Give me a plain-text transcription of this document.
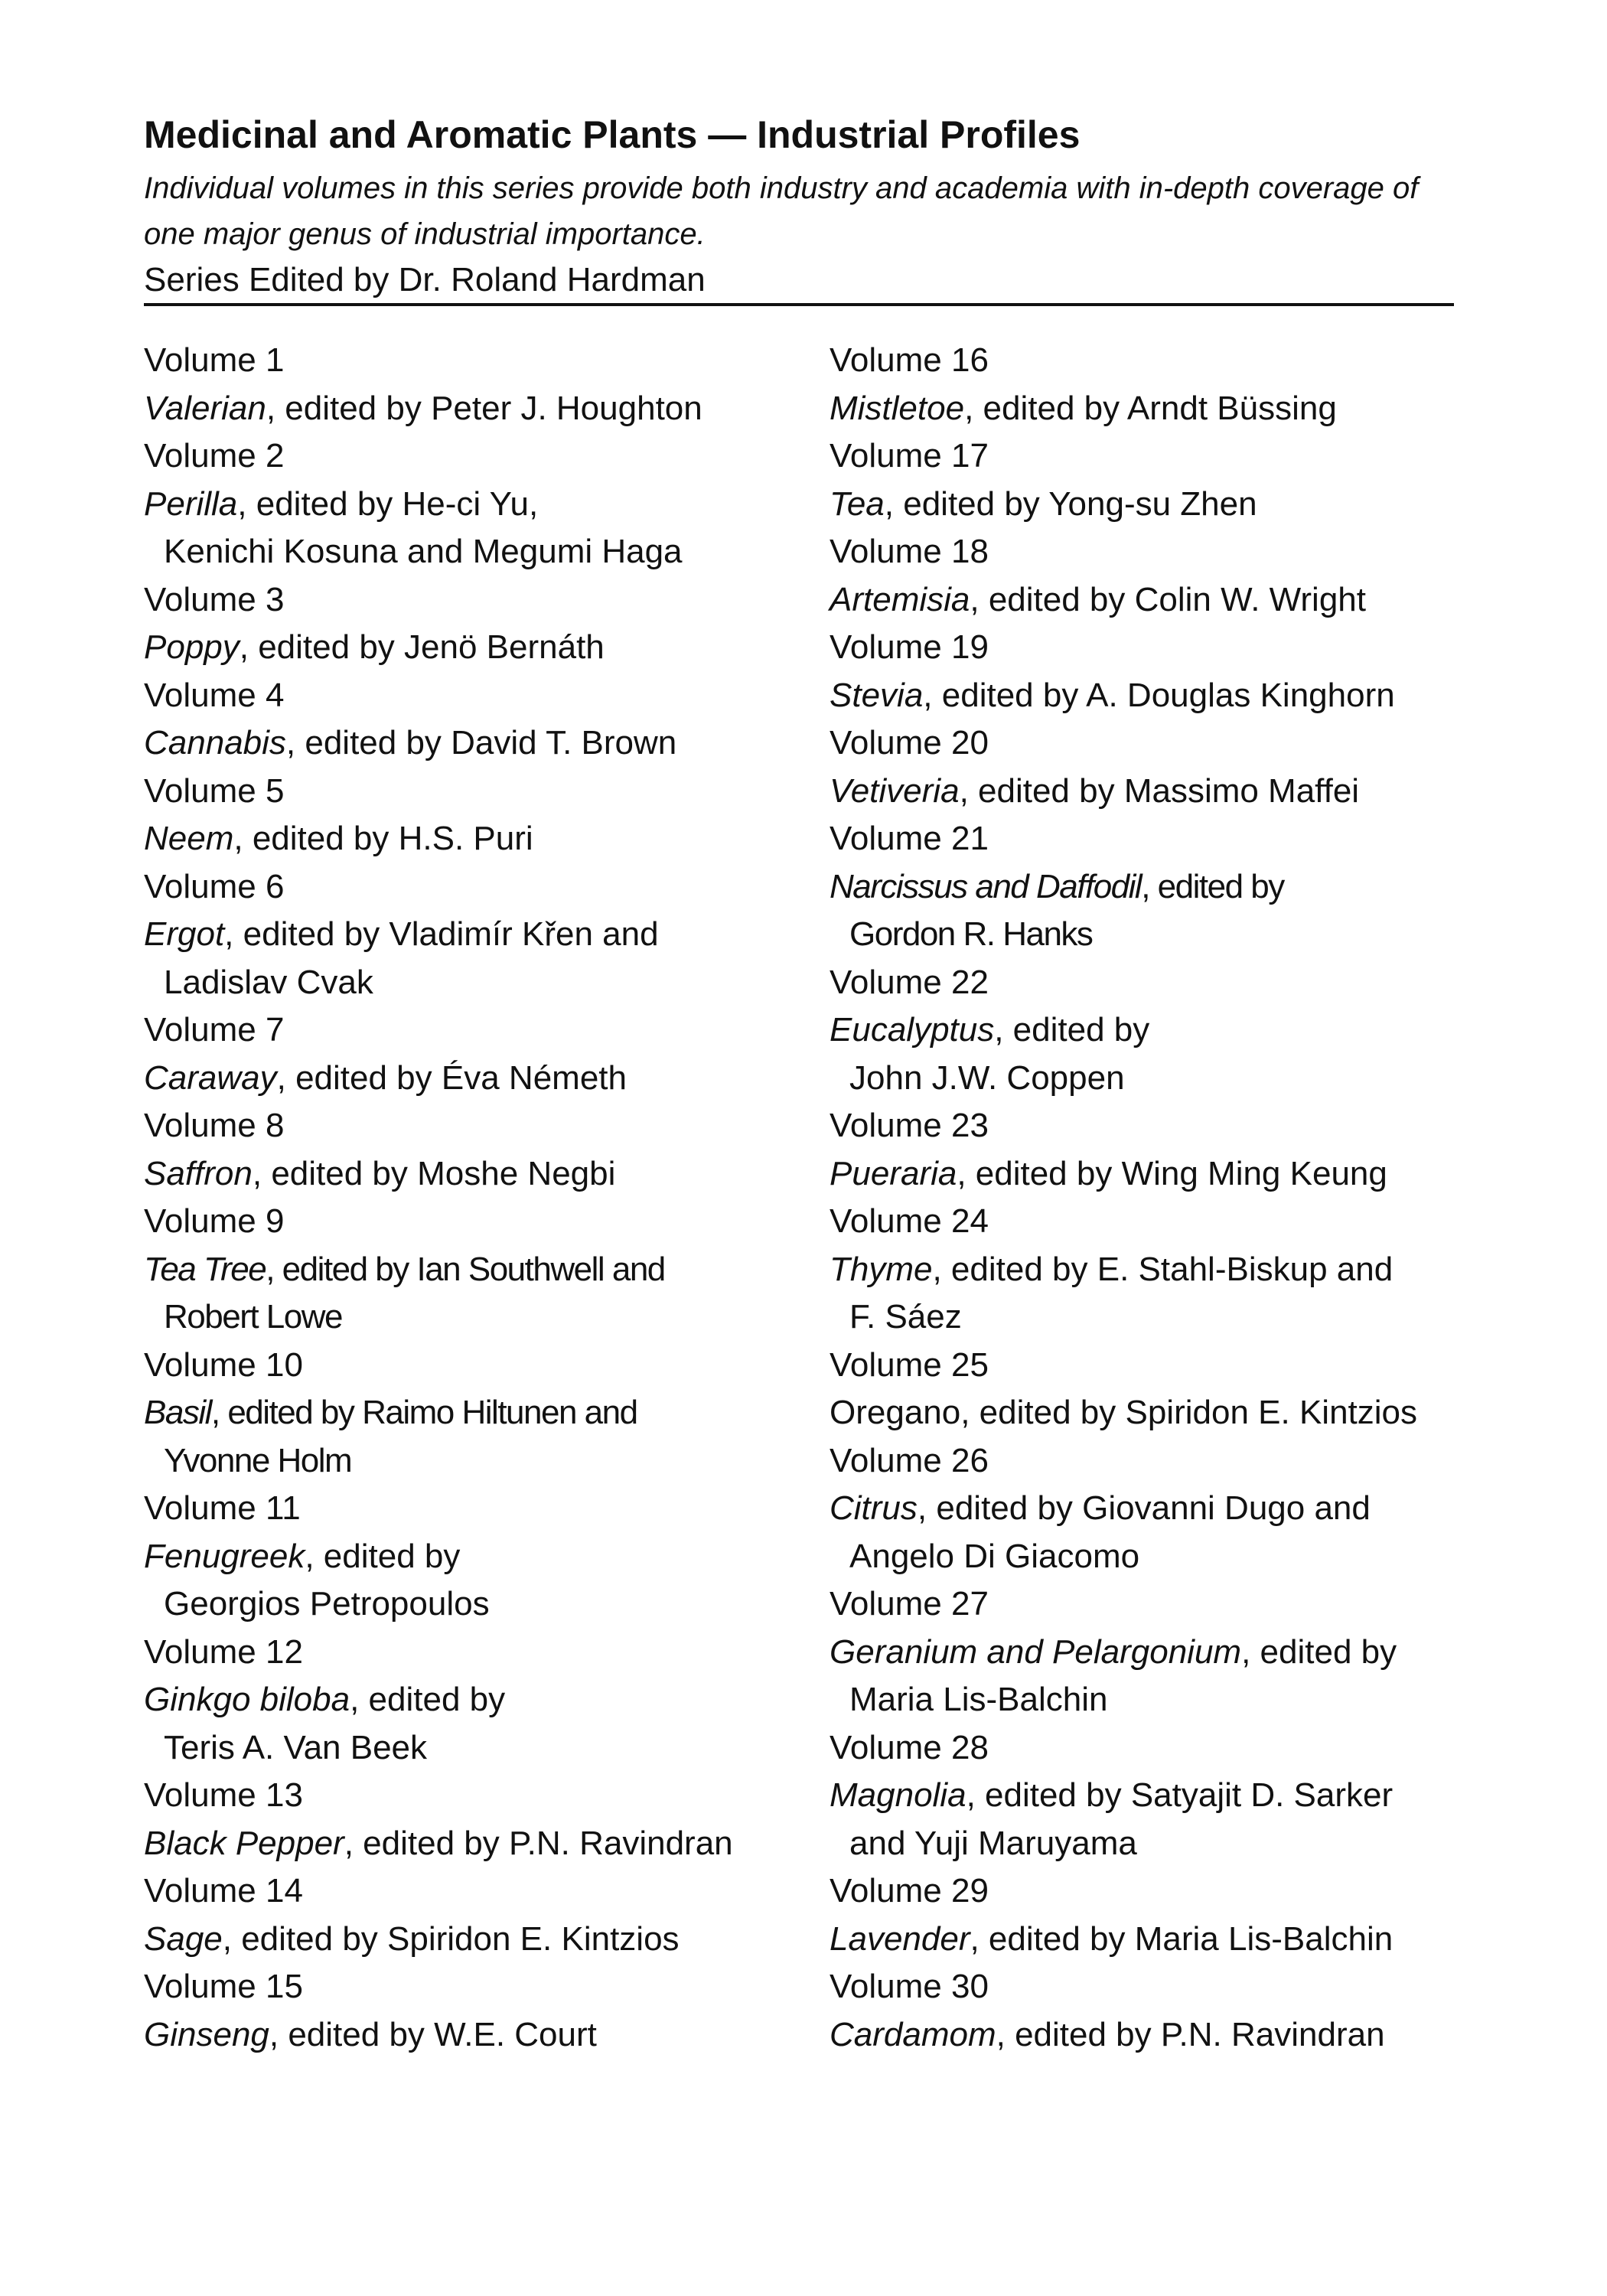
Medicinal and Aromatic Plants — Industrial Profiles

Individual volumes in this series provide both industry and academia with in-depth coverage of one major genus of industrial importance.

Series Edited by Dr. Roland Hardman

Volume 1
Valerian, edited by Peter J. Houghton
Volume 2
Perilla, edited by He-ci Yu,
Kenichi Kosuna and Megumi Haga
Volume 3
Poppy, edited by Jenö Bernáth
Volume 4
Cannabis, edited by David T. Brown
Volume 5
Neem, edited by H.S. Puri
Volume 6
Ergot, edited by Vladimír Křen and
Ladislav Cvak
Volume 7
Caraway, edited by Éva Németh
Volume 8
Saffron, edited by Moshe Negbi
Volume 9
Tea Tree, edited by Ian Southwell and
Robert Lowe
Volume 10
Basil, edited by Raimo Hiltunen and
Yvonne Holm
Volume 11
Fenugreek, edited by
Georgios Petropoulos
Volume 12
Ginkgo biloba, edited by
Teris A. Van Beek
Volume 13
Black Pepper, edited by P.N. Ravindran
Volume 14
Sage, edited by Spiridon E. Kintzios
Volume 15
Ginseng, edited by W.E. Court
Volume 16
Mistletoe, edited by Arndt Büssing
Volume 17
Tea, edited by Yong-su Zhen
Volume 18
Artemisia, edited by Colin W. Wright
Volume 19
Stevia, edited by A. Douglas Kinghorn
Volume 20
Vetiveria, edited by Massimo Maffei
Volume 21
Narcissus and Daffodil, edited by
Gordon R. Hanks
Volume 22
Eucalyptus, edited by
John J.W. Coppen
Volume 23
Pueraria, edited by Wing Ming Keung
Volume 24
Thyme, edited by E. Stahl-Biskup and
F. Sáez
Volume 25
Oregano, edited by Spiridon E. Kintzios
Volume 26
Citrus, edited by Giovanni Dugo and
Angelo Di Giacomo
Volume 27
Geranium and Pelargonium, edited by
Maria Lis-Balchin
Volume 28
Magnolia, edited by Satyajit D. Sarker
and Yuji Maruyama
Volume 29
Lavender, edited by Maria Lis-Balchin
Volume 30
Cardamom, edited by P.N. Ravindran
